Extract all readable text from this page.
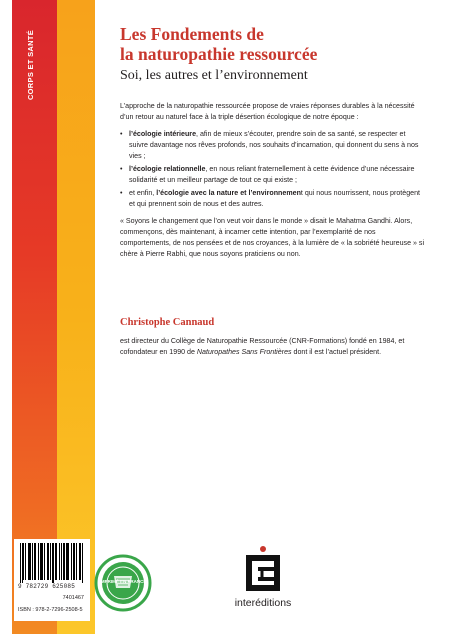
CORPS ET SANTÉ	Les Fondements de
la naturopathie ressourcée
Soi, les autres et l’environnement

L’approche de la naturopathie ressourcée propose de vraies réponses durables à la nécessité d’un retour au naturel face à la triple désertion écologique de notre époque :

• l’écologie intérieure, afin de mieux s’écouter, prendre soin de sa santé, se respecter et suivre davantage nos rêves profonds, nos souhaits d’incarnation, qui donnent du sens à nos vies ;
• l’écologie relationnelle, en nous reliant fraternellement à cette évidence d’une nécessaire solidarité et un meilleur partage de tout ce qui existe ;
• et enfin, l’écologie avec la nature et l’environnement qui nous nourrissent, nous protègent et qui prennent soin de nous et des autres.

« Soyons le changement que l’on veut voir dans le monde » disait le Mahatma Gandhi. Alors, commençons, dès maintenant, à incarner cette intention, par l’exemplarité de nos comportements, de nos pensées et de nos croyances, à la lumière de « la sobriété heureuse » si chère à Pierre Rabhi, que nous soyons praticiens ou non.

Christophe Cannaud
est directeur du Collège de Naturopathie Ressourcée (CNR-Formations) fondé en 1984, et cofondateur en 1990 de Naturopathes Sans Frontières dont il est l’actuel président.
9 782729 625085
7401467
ISBN : 978-2-7296-2508-5
IMPRIMÉ EN FRANCE
interéditions
